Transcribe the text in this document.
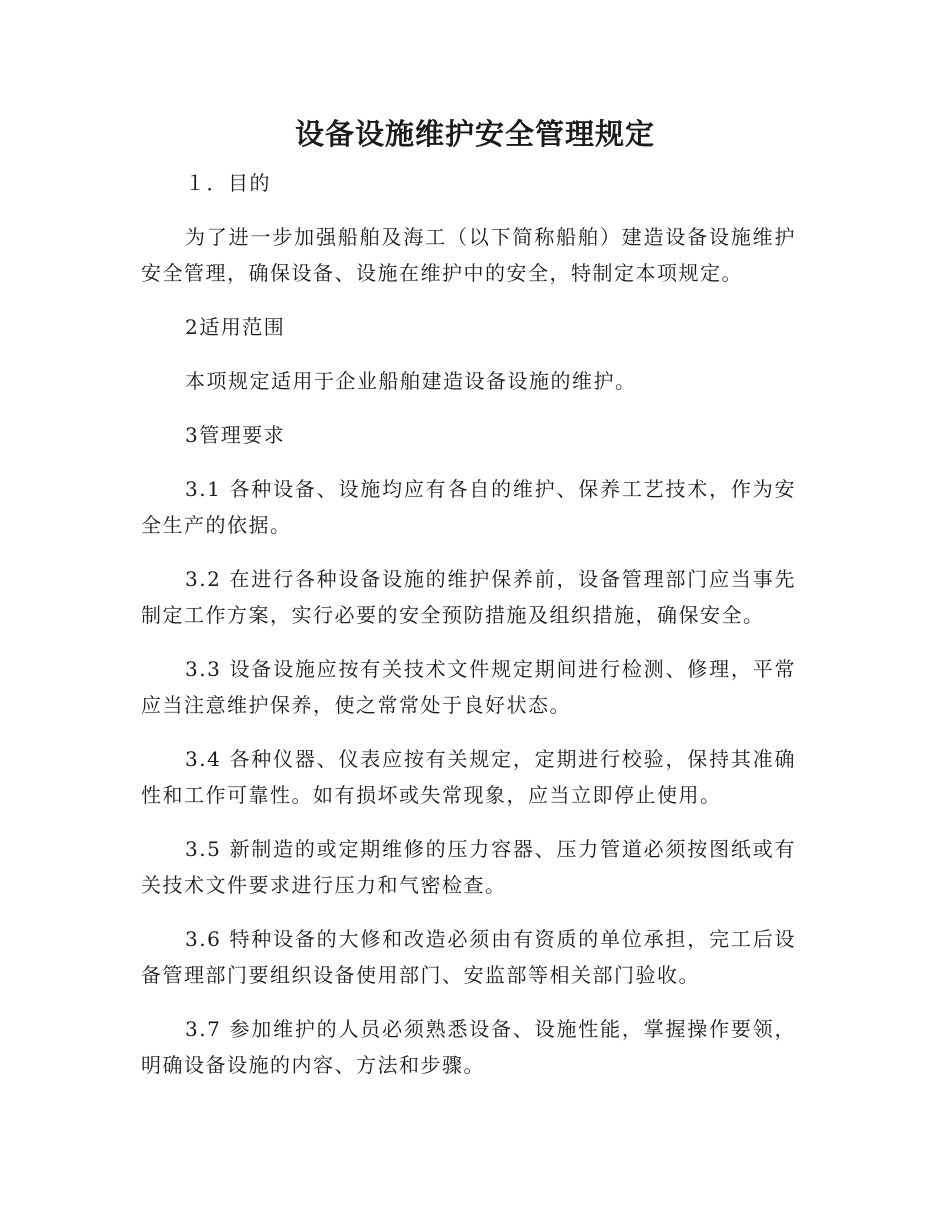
设备设施维护安全管理规定

１．目的

为了进一步加强船舶及海工（以下简称船舶）建造设备设施维护安全管理，确保设备、设施在维护中的安全，特制定本项规定。

2适用范围

本项规定适用于企业船舶建造设备设施的维护。

3管理要求

3.1 各种设备、设施均应有各自的维护、保养工艺技术，作为安全生产的依据。

3.2 在进行各种设备设施的维护保养前，设备管理部门应当事先制定工作方案，实行必要的安全预防措施及组织措施，确保安全。

3.3 设备设施应按有关技术文件规定期间进行检测、修理，平常应当注意维护保养，使之常常处于良好状态。

3.4 各种仪器、仪表应按有关规定，定期进行校验，保持其准确性和工作可靠性。如有损坏或失常现象，应当立即停止使用。

3.5 新制造的或定期维修的压力容器、压力管道必须按图纸或有关技术文件要求进行压力和气密检查。

3.6 特种设备的大修和改造必须由有资质的单位承担，完工后设备管理部门要组织设备使用部门、安监部等相关部门验收。

3.7 参加维护的人员必须熟悉设备、设施性能，掌握操作要领，明确设备设施的内容、方法和步骤。
